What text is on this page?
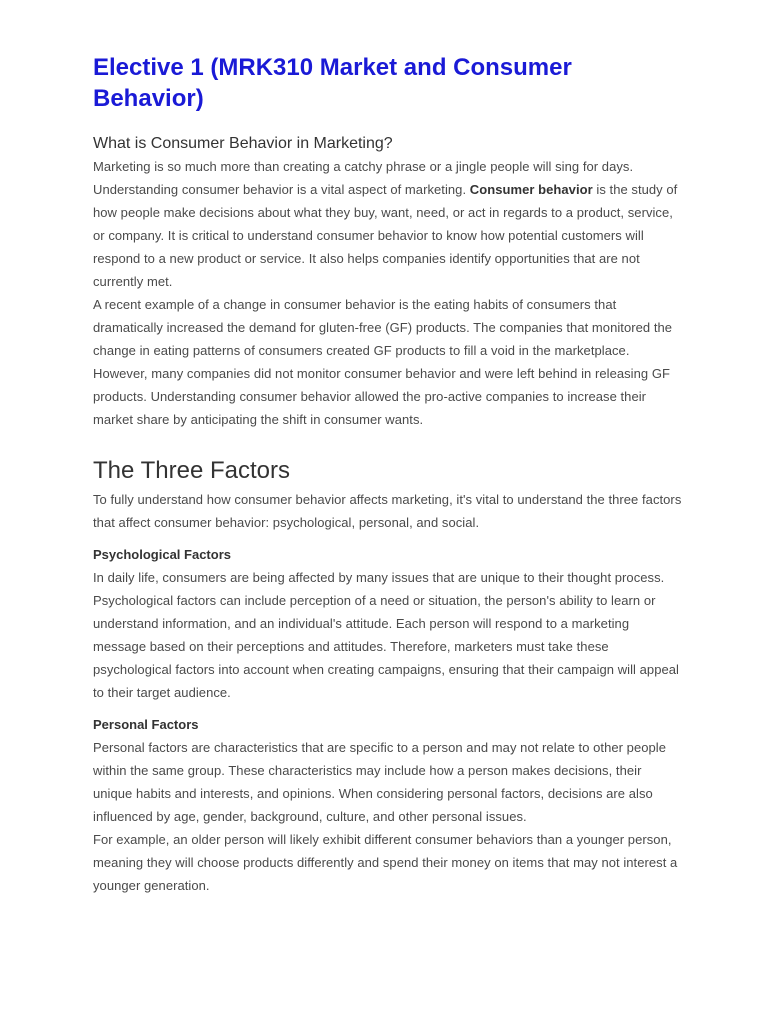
Elective 1 (MRK310 Market and Consumer Behavior)
What is Consumer Behavior in Marketing?

Marketing is so much more than creating a catchy phrase or a jingle people will sing for days. Understanding consumer behavior is a vital aspect of marketing. Consumer behavior is the study of how people make decisions about what they buy, want, need, or act in regards to a product, service, or company. It is critical to understand consumer behavior to know how potential customers will respond to a new product or service. It also helps companies identify opportunities that are not currently met.

A recent example of a change in consumer behavior is the eating habits of consumers that dramatically increased the demand for gluten-free (GF) products. The companies that monitored the change in eating patterns of consumers created GF products to fill a void in the marketplace. However, many companies did not monitor consumer behavior and were left behind in releasing GF products. Understanding consumer behavior allowed the pro-active companies to increase their market share by anticipating the shift in consumer wants.

The Three Factors

To fully understand how consumer behavior affects marketing, it's vital to understand the three factors that affect consumer behavior: psychological, personal, and social.

Psychological Factors

In daily life, consumers are being affected by many issues that are unique to their thought process. Psychological factors can include perception of a need or situation, the person's ability to learn or understand information, and an individual's attitude. Each person will respond to a marketing message based on their perceptions and attitudes. Therefore, marketers must take these psychological factors into account when creating campaigns, ensuring that their campaign will appeal to their target audience.

Personal Factors

Personal factors are characteristics that are specific to a person and may not relate to other people within the same group. These characteristics may include how a person makes decisions, their unique habits and interests, and opinions. When considering personal factors, decisions are also influenced by age, gender, background, culture, and other personal issues.

For example, an older person will likely exhibit different consumer behaviors than a younger person, meaning they will choose products differently and spend their money on items that may not interest a younger generation.
